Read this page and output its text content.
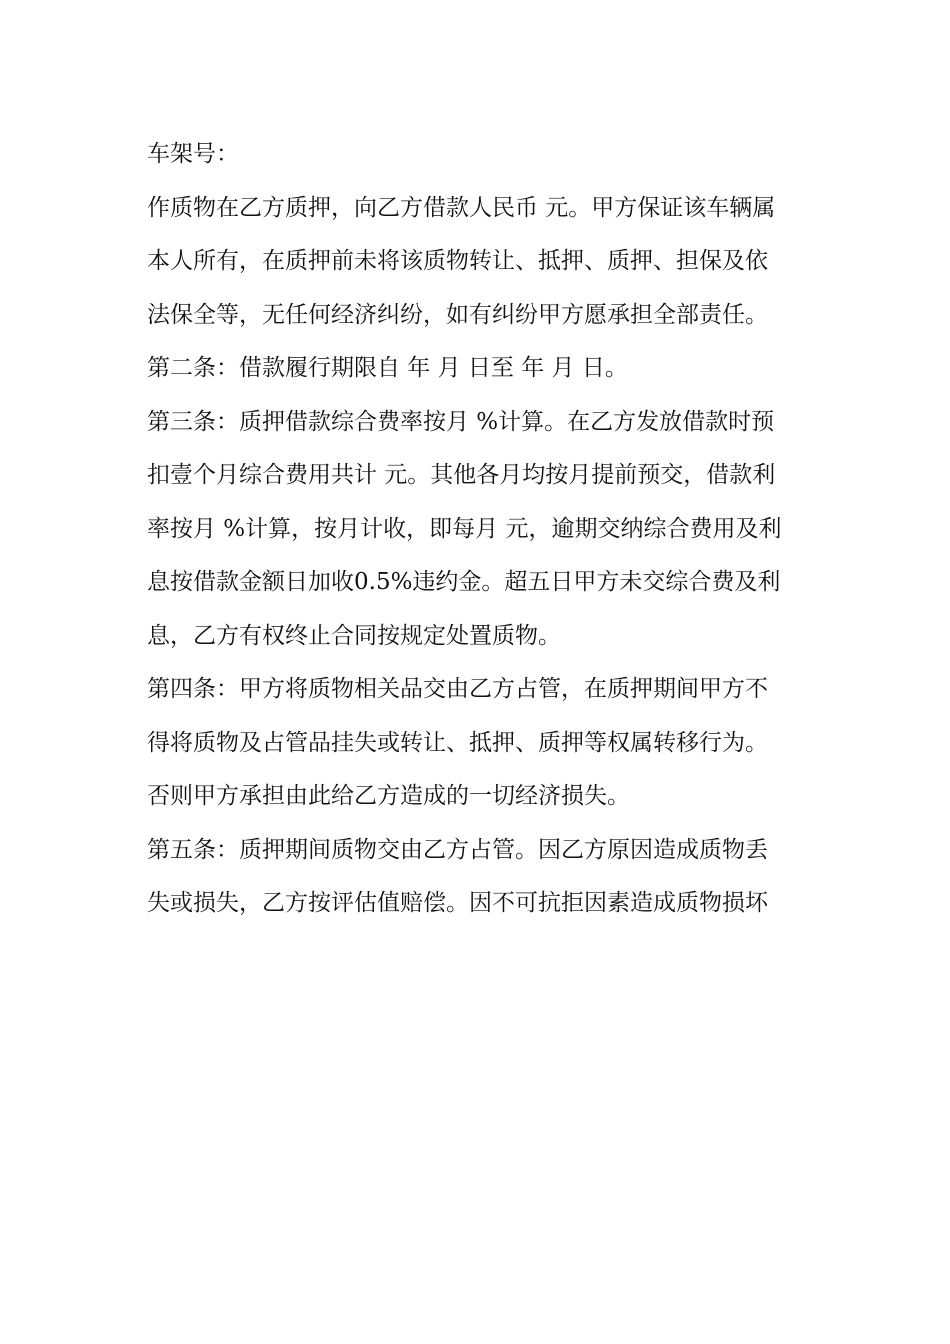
车架号：
作质物在乙方质押，向乙方借款人民币 元。甲方保证该车辆属
本人所有，在质押前未将该质物转让、抵押、质押、担保及依
法保全等，无任何经济纠纷，如有纠纷甲方愿承担全部责任。
第二条：借款履行期限自 年 月 日至 年 月 日。
第三条：质押借款综合费率按月 %计算。在乙方发放借款时预
扣壹个月综合费用共计 元。其他各月均按月提前预交，借款利
率按月 %计算，按月计收，即每月 元，逾期交纳综合费用及利
息按借款金额日加收0.5%违约金。超五日甲方未交综合费及利
息，乙方有权终止合同按规定处置质物。
第四条：甲方将质物相关品交由乙方占管，在质押期间甲方不
得将质物及占管品挂失或转让、抵押、质押等权属转移行为。
否则甲方承担由此给乙方造成的一切经济损失。
第五条：质押期间质物交由乙方占管。因乙方原因造成质物丢
失或损失，乙方按评估值赔偿。因不可抗拒因素造成质物损坏
